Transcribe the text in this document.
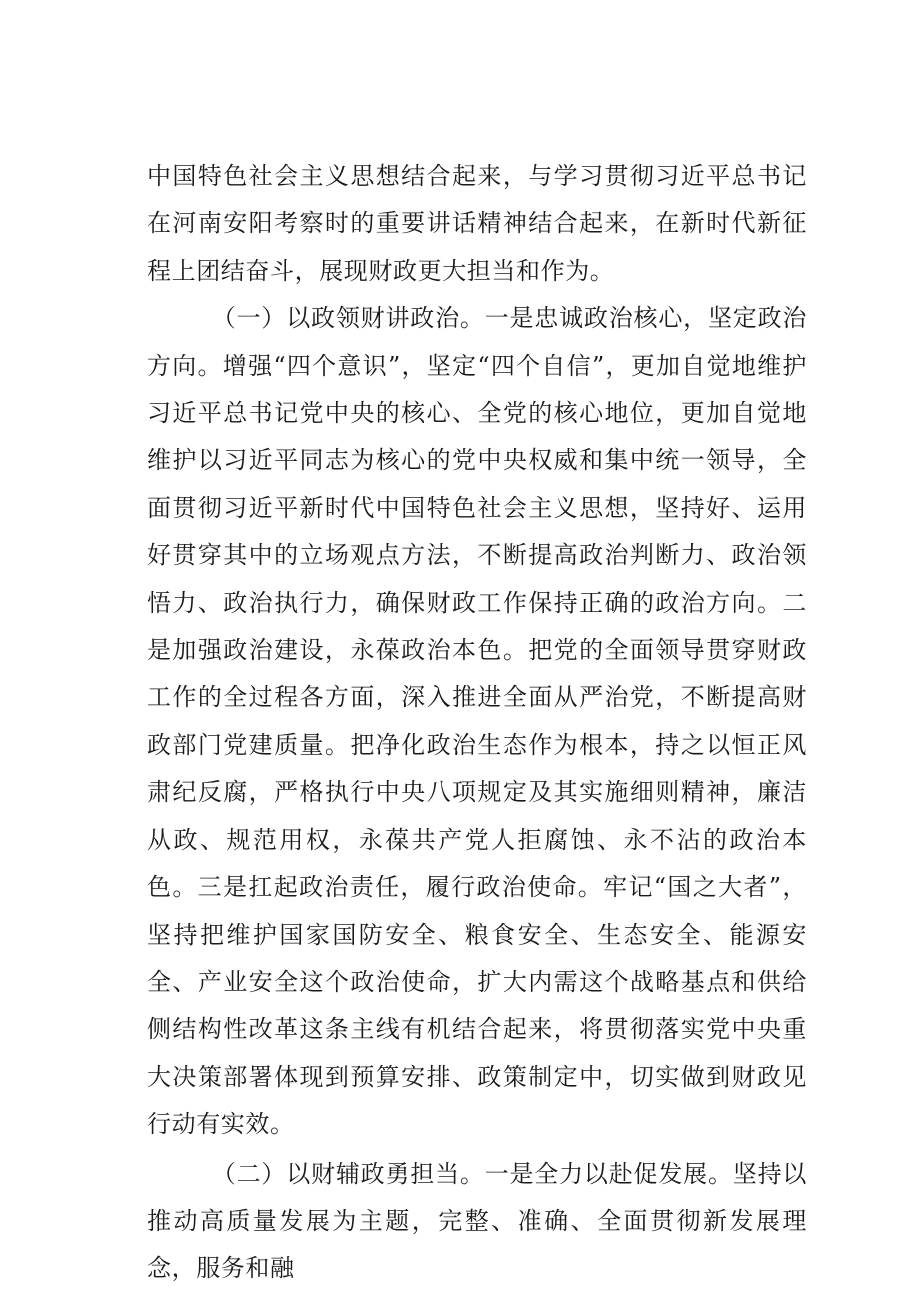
中国特色社会主义思想结合起来，与学习贯彻习近平总书记在河南安阳考察时的重要讲话精神结合起来，在新时代新征程上团结奋斗，展现财政更大担当和作为。

（一）以政领财讲政治。一是忠诚政治核心，坚定政治方向。增强“四个意识”，坚定“四个自信”，更加自觉地维护习近平总书记党中央的核心、全党的核心地位，更加自觉地维护以习近平同志为核心的党中央权威和集中统一领导，全面贯彻习近平新时代中国特色社会主义思想，坚持好、运用好贯穿其中的立场观点方法，不断提高政治判断力、政治领悟力、政治执行力，确保财政工作保持正确的政治方向。二是加强政治建设，永葆政治本色。把党的全面领导贯穿财政工作的全过程各方面，深入推进全面从严治党，不断提高财政部门党建质量。把净化政治生态作为根本，持之以恒正风肃纪反腐，严格执行中央八项规定及其实施细则精神，廉洁从政、规范用权，永葆共产党人拒腐蚀、永不沾的政治本色。三是扛起政治责任，履行政治使命。牢记“国之大者”，坚持把维护国家国防安全、粮食安全、生态安全、能源安全、产业安全这个政治使命，扩大内需这个战略基点和供给侧结构性改革这条主线有机结合起来，将贯彻落实党中央重大决策部署体现到预算安排、政策制定中，切实做到财政见行动有实效。

（二）以财辅政勇担当。一是全力以赴促发展。坚持以推动高质量发展为主题，完整、准确、全面贯彻新发展理念，服务和融
